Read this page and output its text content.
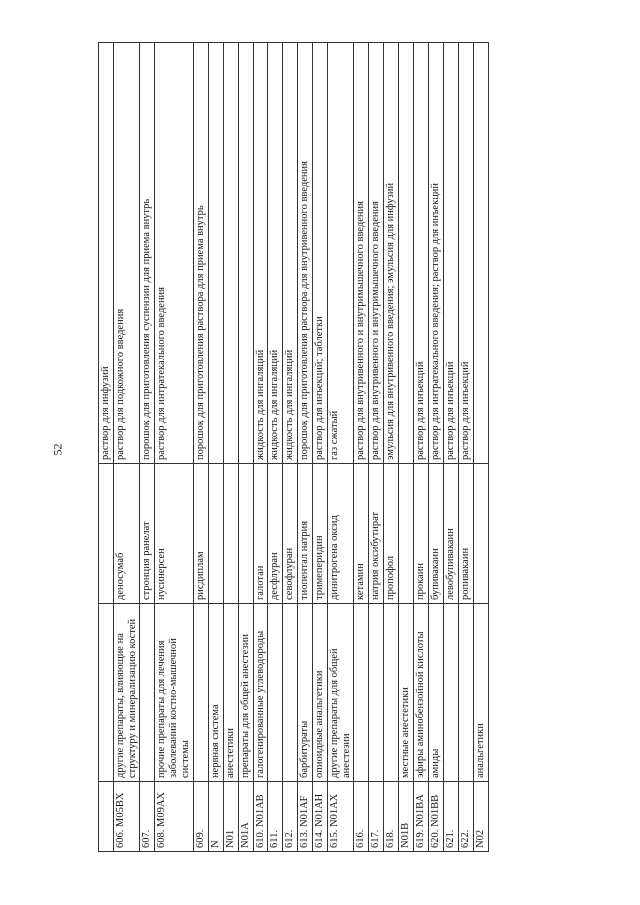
52
				раствор для инфузий
606. M05BX	другие препараты, влияющие на структуру и минерализацию костей	деносумаб	раствор для подкожного введения
607.		стронция ранелат	порошок для приготовления суспензии для приема внутрь
608. M09AX	прочие препараты для лечения заболеваний костно-мышечной системы	нусинерсен	раствор для интратекального введения
609.		рисдиплам	порошок для приготовления раствора для приема внутрь
N	нервная система		
N01	анестетики		
N01A	препараты для общей анестезии		
610. N01AB	галогенированные углеводороды	галотан	жидкость для ингаляций
611.		десфлуран	жидкость для ингаляций
612.		севофлуран	жидкость для ингаляций
613. N01AF	барбитураты	тиопентал натрия	порошок для приготовления раствора для внутривенного введения
614. N01AH	опиоидные анальгетики	тримеперидин	раствор для инъекций; таблетки
615. N01AX	другие препараты для общей анестезии	динитрогена оксид	газ сжатый
616.		кетамин	раствор для внутривенного и внутримышечного введения
617.		натрия оксибутират	раствор для внутривенного и внутримышечного введения
618.		пропофол	эмульсия для внутривенного введения; эмульсия для инфузий
N01B	местные анестетики		
619. N01BA	эфиры аминобензойной кислоты	прокаин	раствор для инъекций
620. N01BB	амиды	бупивакаин	раствор для интратекального введения; раствор для инъекций
621.		левобупивакаин	раствор для инъекций
622.		ропивакаин	раствор для инъекций
N02	анальгетики		
